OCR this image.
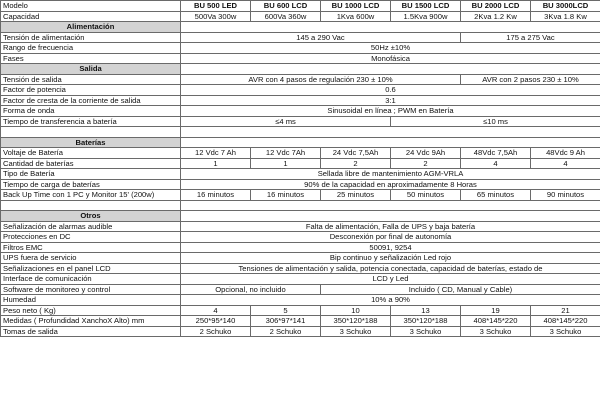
Modelo	BU 500 LED	BU 600 LCD	BU 1000 LCD	BU 1500 LCD	BU 2000 LCD	BU 3000LCD
Capacidad	500Va 300w	600Va 360w	1Kva 600w	1.5Kva 900w	2Kva 1.2 Kw	3Kva 1.8 Kw
Alimentación						
Tensión de alimentación	145 a 290 Vac				175 a 275 Vac	
Rango de frecuencia	50Hz ±10%					
Fases	Monofásica					
Salida						
Tensión de salida	AVR con 4 pasos de regulación 230 ± 10%				AVR con 2 pasos 230 ± 10%	
Factor de potencia	0.6					
Factor de cresta de la corriente de salida	3:1					
Forma de onda	Sinusoidal en línea ; PWM en Batería					
Tiempo de transferencia a batería	≤4 ms			≤10 ms		

Baterías						
Voltaje de Batería	12 Vdc 7 Ah	12 Vdc 7Ah	24 Vdc 7,5Ah	24 Vdc 9Ah	48Vdc 7,5Ah	48Vdc 9 Ah
Cantidad de baterías	1	1	2	2	4	4
Tipo de Batería	Sellada libre de mantenimiento AGM-VRLA					
Tiempo de carga de baterías	90% de la capacidad en aproximadamente 8 Horas					
Back Up Time con 1 PC y Monitor 15' (200w)	16 minutos	16 minutos	25 minutos	50 minutos	65 minutos	90 minutos

Otros						
Señalización de alarmas audible	Falta de alimentación, Falla de UPS y baja batería					
Protecciones en DC	Desconexión por final de autonomía					
Filtros EMC	50091, 9254					
UPS fuera de servicio	Bip continuo y señalización Led rojo					
Señalizaciones en el panel LCD	Tensiones de alimentación y salida, potencia conectada, capacidad de baterías, estado de					
Interface de comunicación	LCD y Led					
Software de monitoreo y control	Opcional, no incluido		Incluido ( CD, Manual y Cable)			
Humedad	10% a 90%					
Peso neto ( Kg)	4	5	10	13	19	21
Medidas ( Profundidad XanchoX Alto) mm	250*95*140	306*97*141	350*120*188	350*120*188	408*145*220	408*145*220
Tomas de salida	2 Schuko	2 Schuko	3 Schuko	3 Schuko	3 Schuko	3 Schuko
